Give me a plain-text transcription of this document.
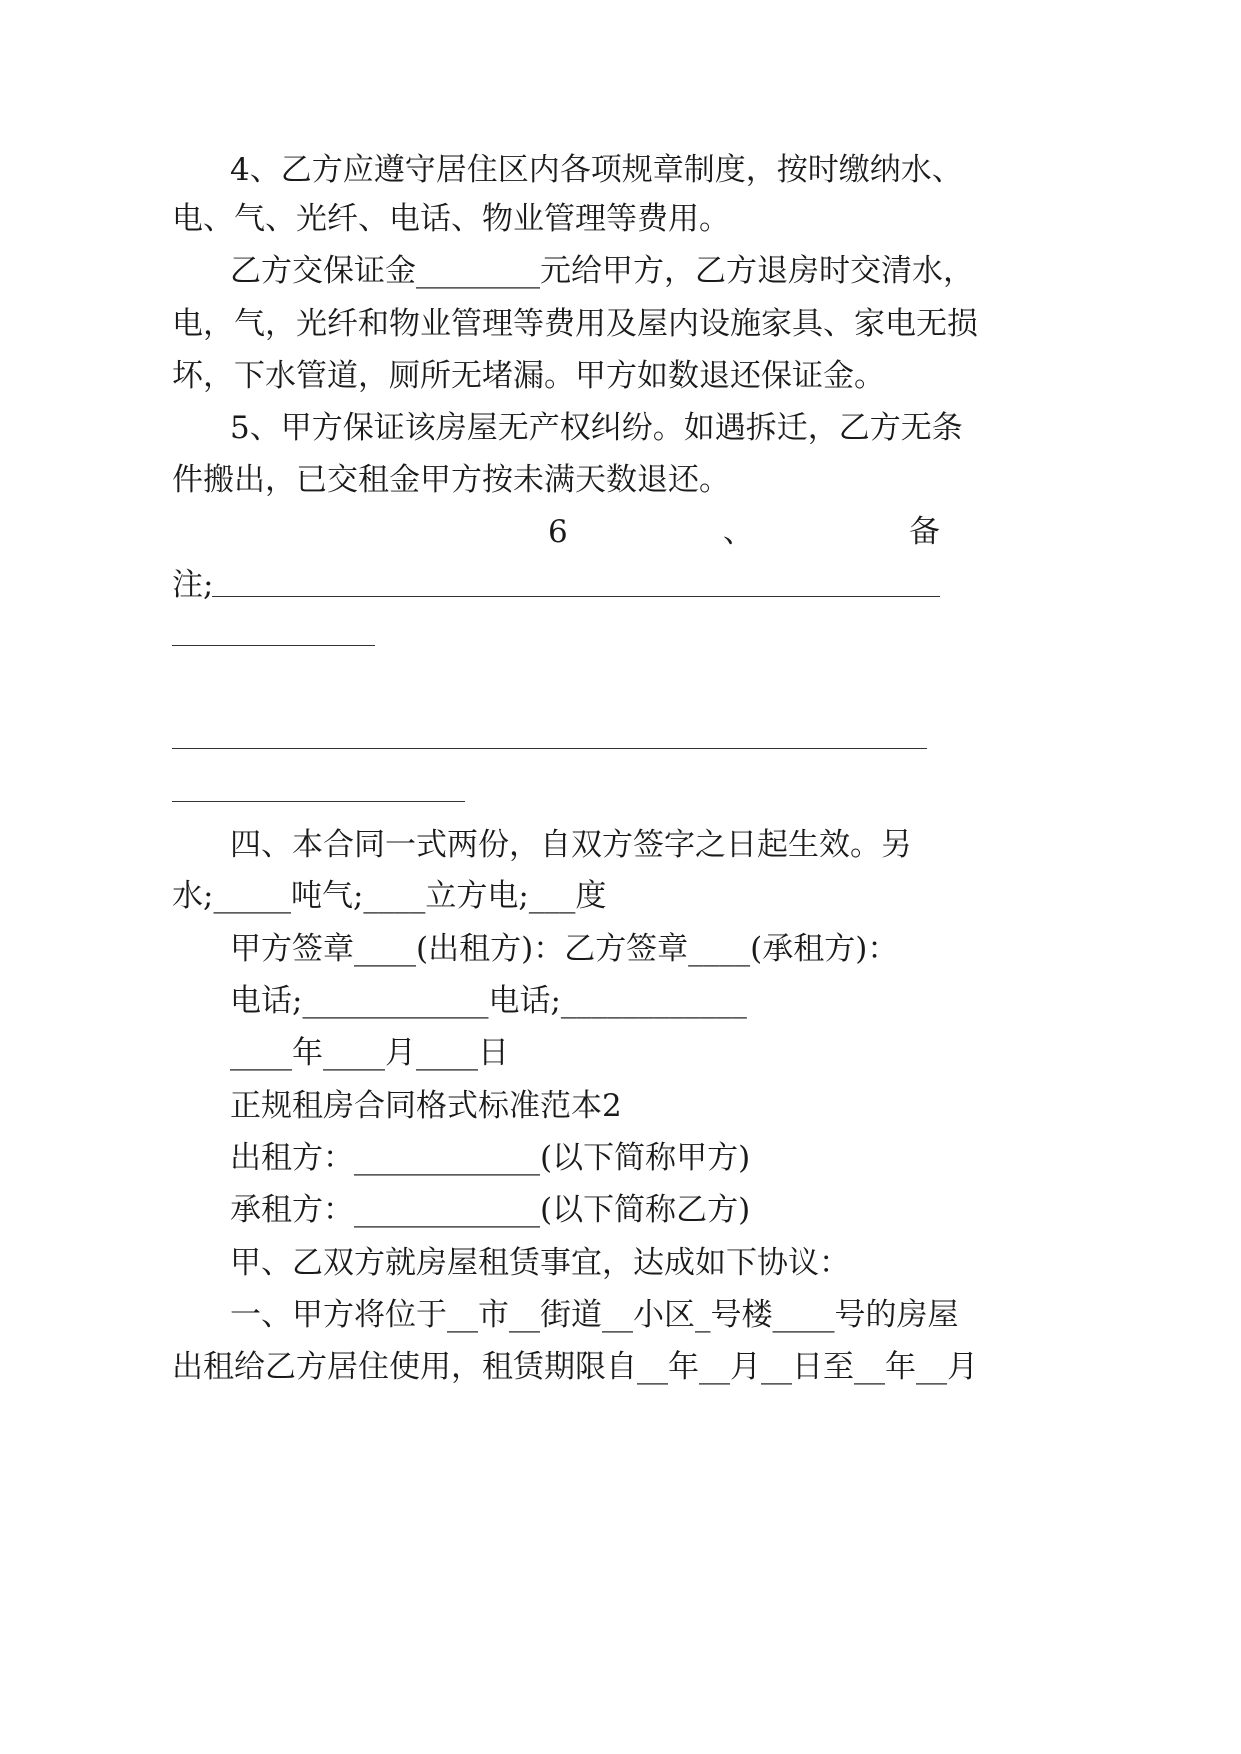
4、乙方应遵守居住区内各项规章制度，按时缴纳水、
电、气、光纤、电话、物业管理等费用。
乙方交保证金________元给甲方，乙方退房时交清水，
电，气，光纤和物业管理等费用及屋内设施家具、家电无损
坏，下水管道，厕所无堵漏。甲方如数退还保证金。
5、甲方保证该房屋无产权纠纷。如遇拆迁，乙方无条
件搬出，已交租金甲方按未满天数退还。
6	、	备
注;
四、本合同一式两份，自双方签字之日起生效。另
水;_____吨气;____立方电;___度
甲方签章____(出租方)：乙方签章____(承租方)：
电话;____________电话;____________
____年____月____日
正规租房合同格式标准范本2
出租方：____________(以下简称甲方)
承租方：____________(以下简称乙方)
甲、乙双方就房屋租赁事宜，达成如下协议：
一、甲方将位于__市__街道__小区_号楼____号的房屋
出租给乙方居住使用，租赁期限自__年__月__日至__年__月
